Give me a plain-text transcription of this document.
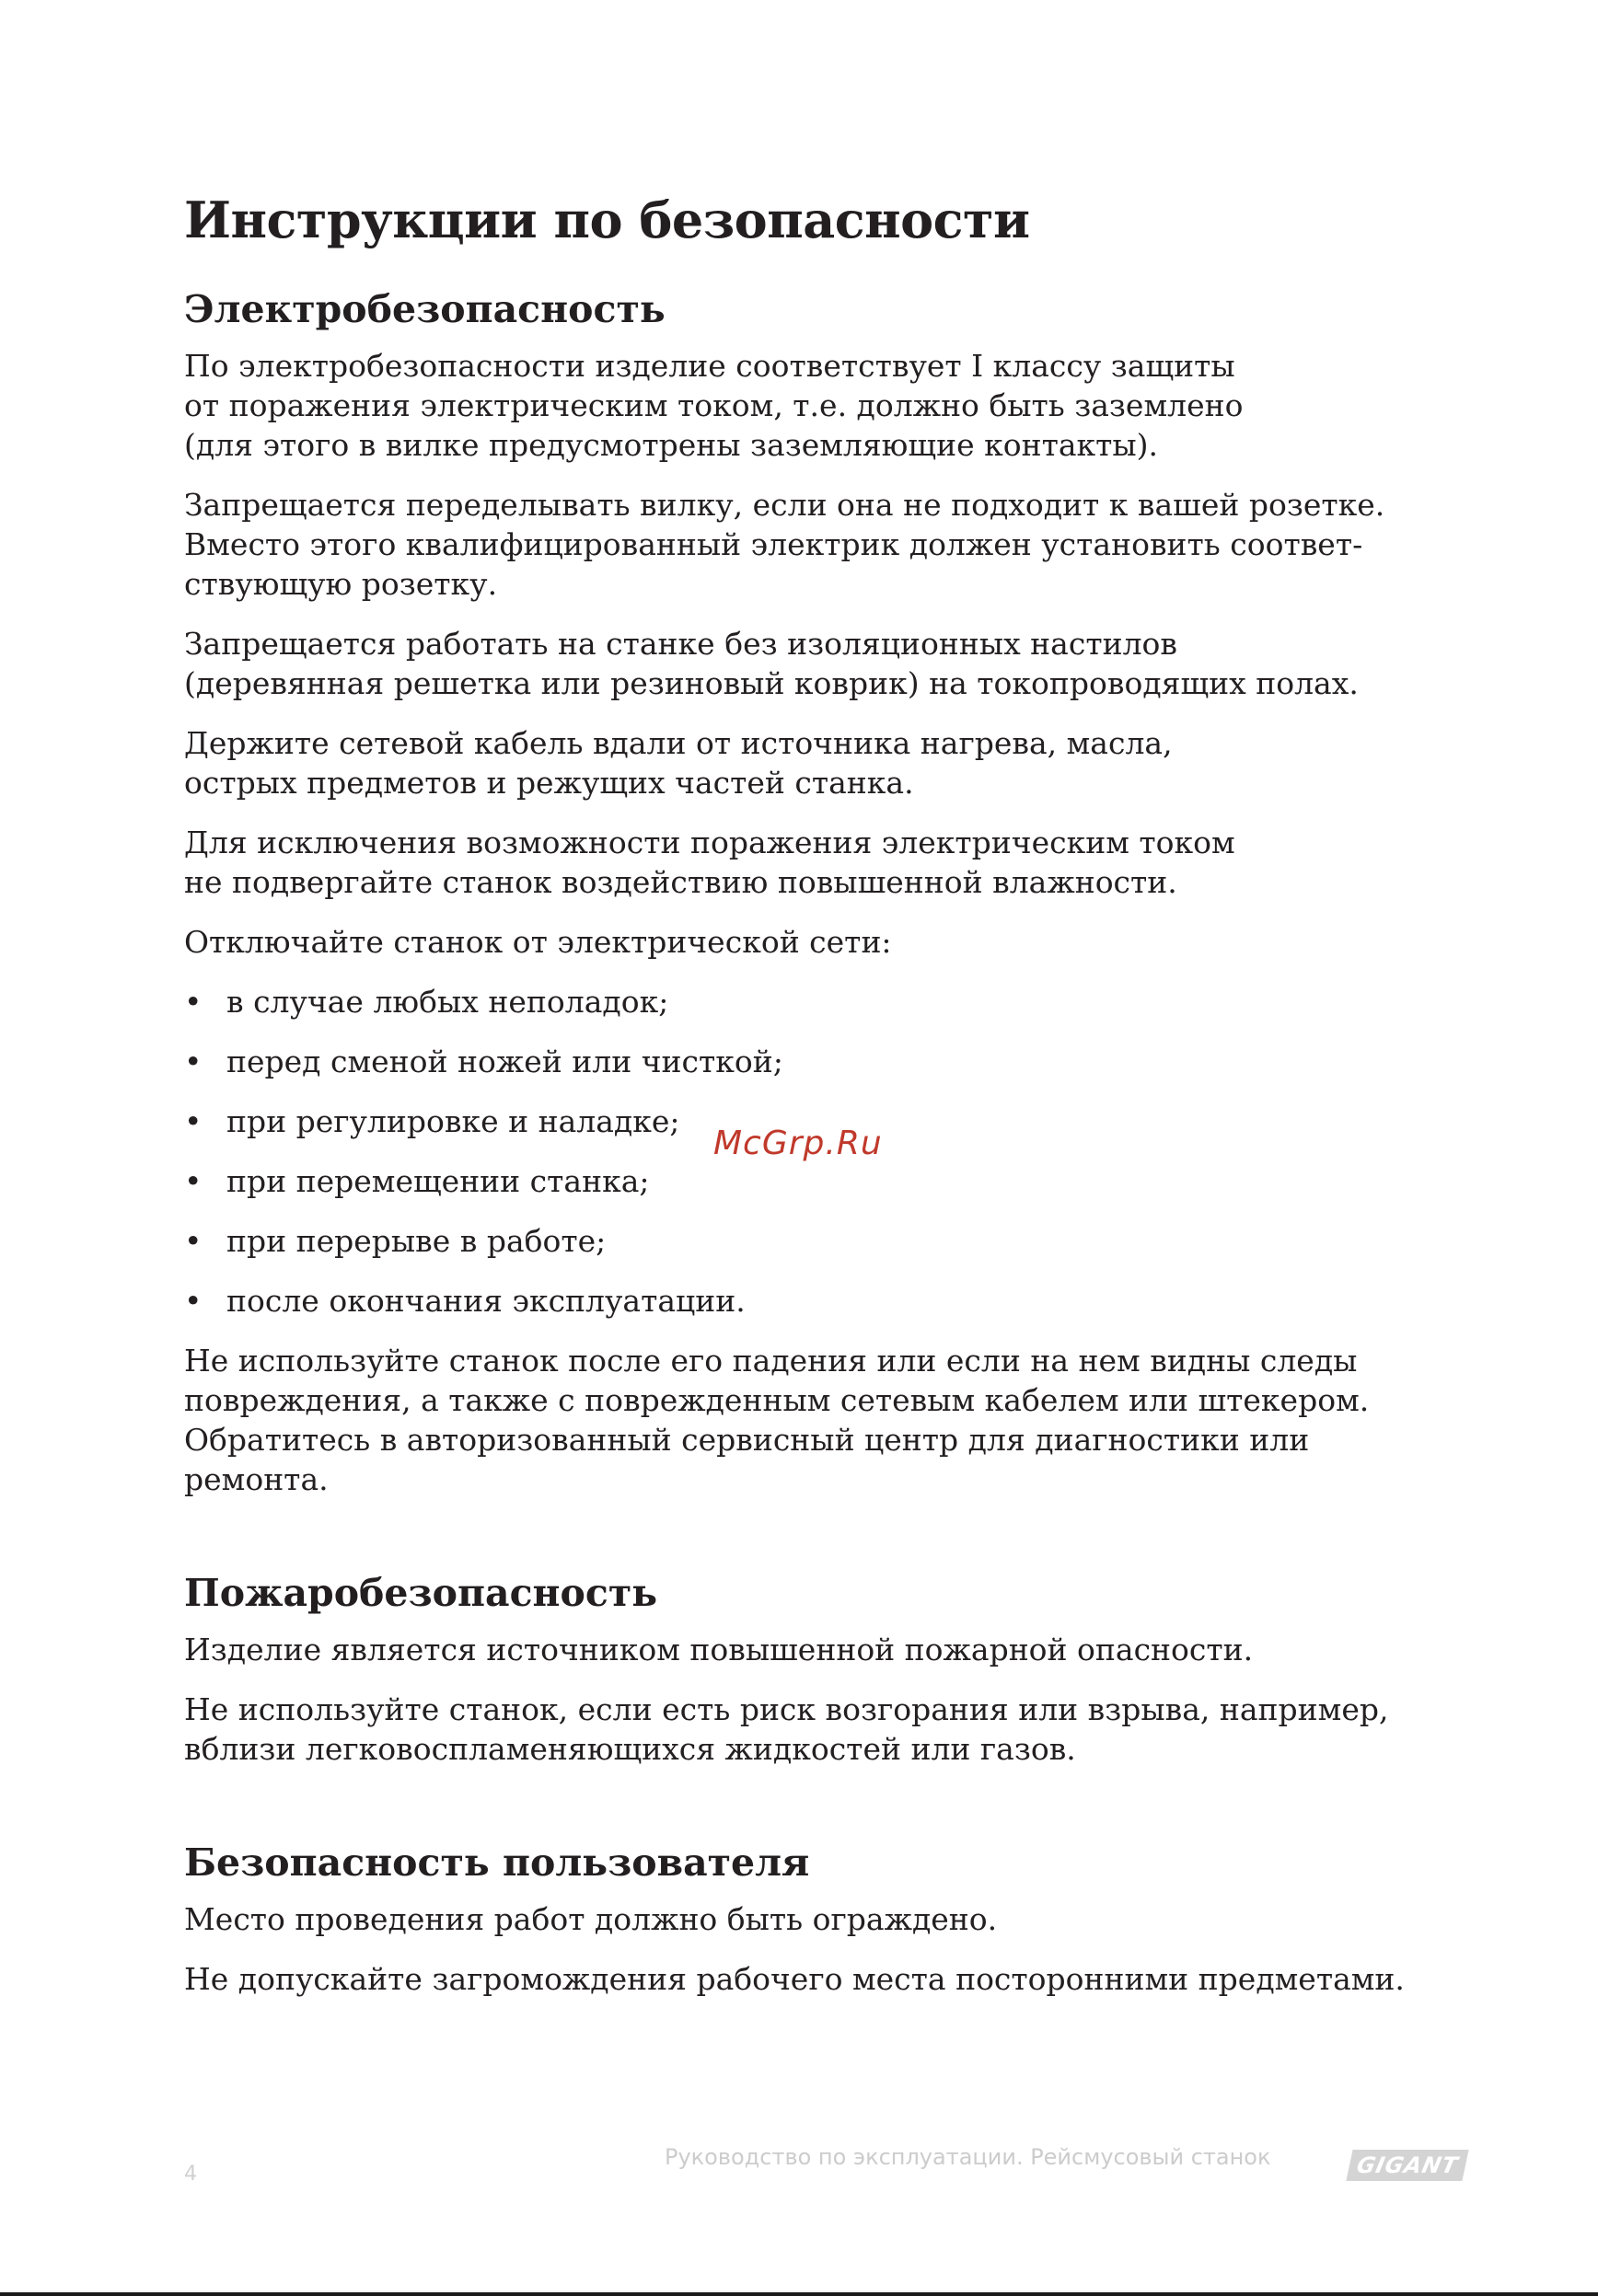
Инструкции по безопасности
Электробезопасность

По электробезопасности изделие соответствует I классу защиты
от поражения электрическим током, т.е. должно быть заземлено
(для этого в вилке предусмотрены заземляющие контакты).

Запрещается переделывать вилку, если она не подходит к вашей розетке.
Вместо этого квалифицированный электрик должен установить соответ-
ствующую розетку.

Запрещается работать на станке без изоляционных настилов
(деревянная решетка или резиновый коврик) на токопроводящих полах.

Держите сетевой кабель вдали от источника нагрева, масла,
острых предметов и режущих частей станка.

Для исключения возможности поражения электрическим током
не подвергайте станок воздействию повышенной влажности.

Отключайте станок от электрической сети:

• в случае любых неполадок;
• перед сменой ножей или чисткой;
• при регулировке и наладке;
• при перемещении станка;
• при перерыве в работе;
• после окончания эксплуатации.

Не используйте станок после его падения или если на нем видны следы
повреждения, а также с поврежденным сетевым кабелем или штекером.
Обратитесь в авторизованный сервисный центр для диагностики или
ремонта.

Пожаробезопасность

Изделие является источником повышенной пожарной опасности.

Не используйте станок, если есть риск возгорания или взрыва, например,
вблизи легковоспламеняющихся жидкостей или газов.

Безопасность пользователя

Место проведения работ должно быть ограждено.

Не допускайте загромождения рабочего места посторонними предметами.

McGrp.Ru
4
Руководство по эксплуатации. Рейсмусовый станок	GIGANT
